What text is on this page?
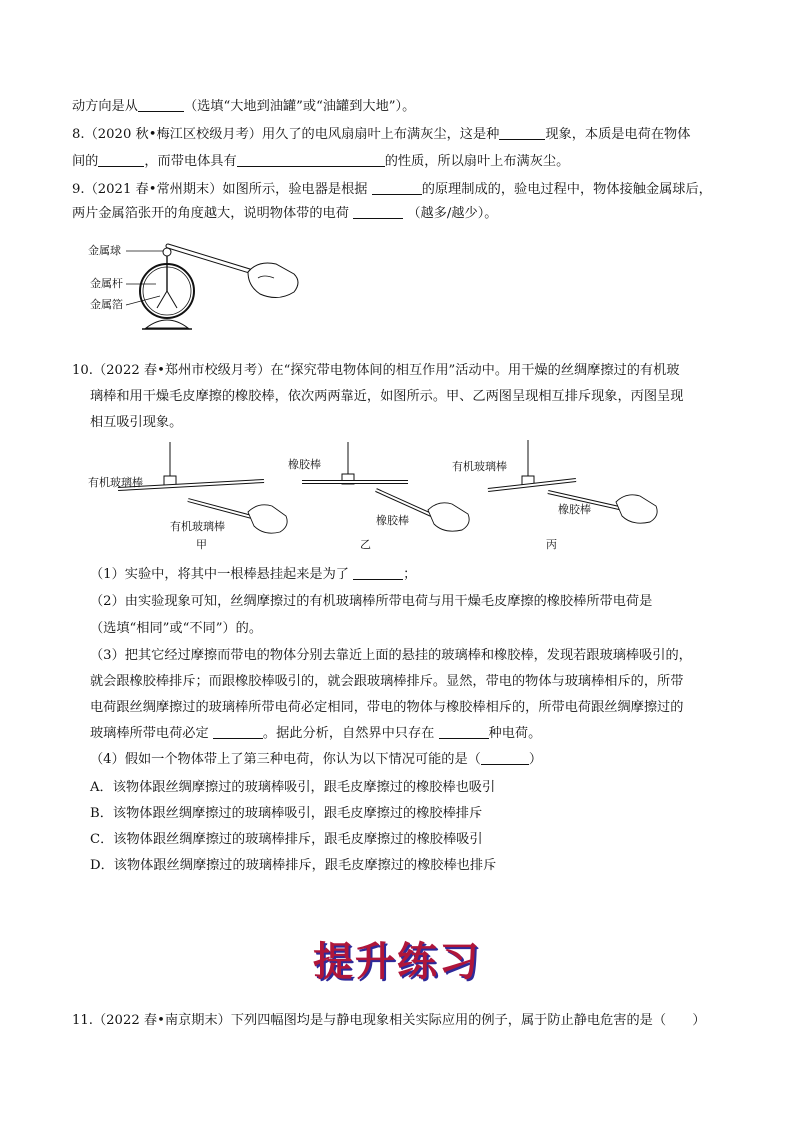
动方向是从	（选填“大地到油罐”或“油罐到大地”）。
8.（2020 秋•梅江区校级月考）用久了的电风扇扇叶上布满灰尘，这是种	现象，本质是电荷在物体
间的	，而带电体具有	的性质，所以扇叶上布满灰尘。
9.（2021 春•常州期末）如图所示，验电器是根据	的原理制成的，验电过程中，物体接触金属球后，
两片金属箔张开的角度越大，说明物体带的电荷	（越多/越少）。
金属球
金属杆
金属箔
10.（2022 春•郑州市校级月考）在“探究带电物体间的相互作用”活动中。用干燥的丝绸摩擦过的有机玻
璃棒和用干燥毛皮摩擦的橡胶棒，依次两两靠近，如图所示。甲、乙两图呈现相互排斥现象，丙图呈现
相互吸引现象。
有机玻璃棒
有机玻璃棒
甲
橡胶棒
橡胶棒
乙
有机玻璃棒
橡胶棒
丙
（1）实验中，将其中一根棒悬挂起来是为了	；
（2）由实验现象可知，丝绸摩擦过的有机玻璃棒所带电荷与用干燥毛皮摩擦的橡胶棒所带电荷是
（选填“相同”或“不同”）的。
（3）把其它经过摩擦而带电的物体分别去靠近上面的悬挂的玻璃棒和橡胶棒，发现若跟玻璃棒吸引的，
就会跟橡胶棒排斥；而跟橡胶棒吸引的，就会跟玻璃棒排斥。显然，带电的物体与玻璃棒相斥的，所带
电荷跟丝绸摩擦过的玻璃棒所带电荷必定相同，带电的物体与橡胶棒相斥的，所带电荷跟丝绸摩擦过的
玻璃棒所带电荷必定	。据此分析，自然界中只存在	种电荷。
（4）假如一个物体带上了第三种电荷，你认为以下情况可能的是（	）
A．该物体跟丝绸摩擦过的玻璃棒吸引，跟毛皮摩擦过的橡胶棒也吸引
B．该物体跟丝绸摩擦过的玻璃棒吸引，跟毛皮摩擦过的橡胶棒排斥
C．该物体跟丝绸摩擦过的玻璃棒排斥，跟毛皮摩擦过的橡胶棒吸引
D．该物体跟丝绸摩擦过的玻璃棒排斥，跟毛皮摩擦过的橡胶棒也排斥
提升练习
11.（2022 春•南京期末）下列四幅图均是与静电现象相关实际应用的例子，属于防止静电危害的是（　　）
